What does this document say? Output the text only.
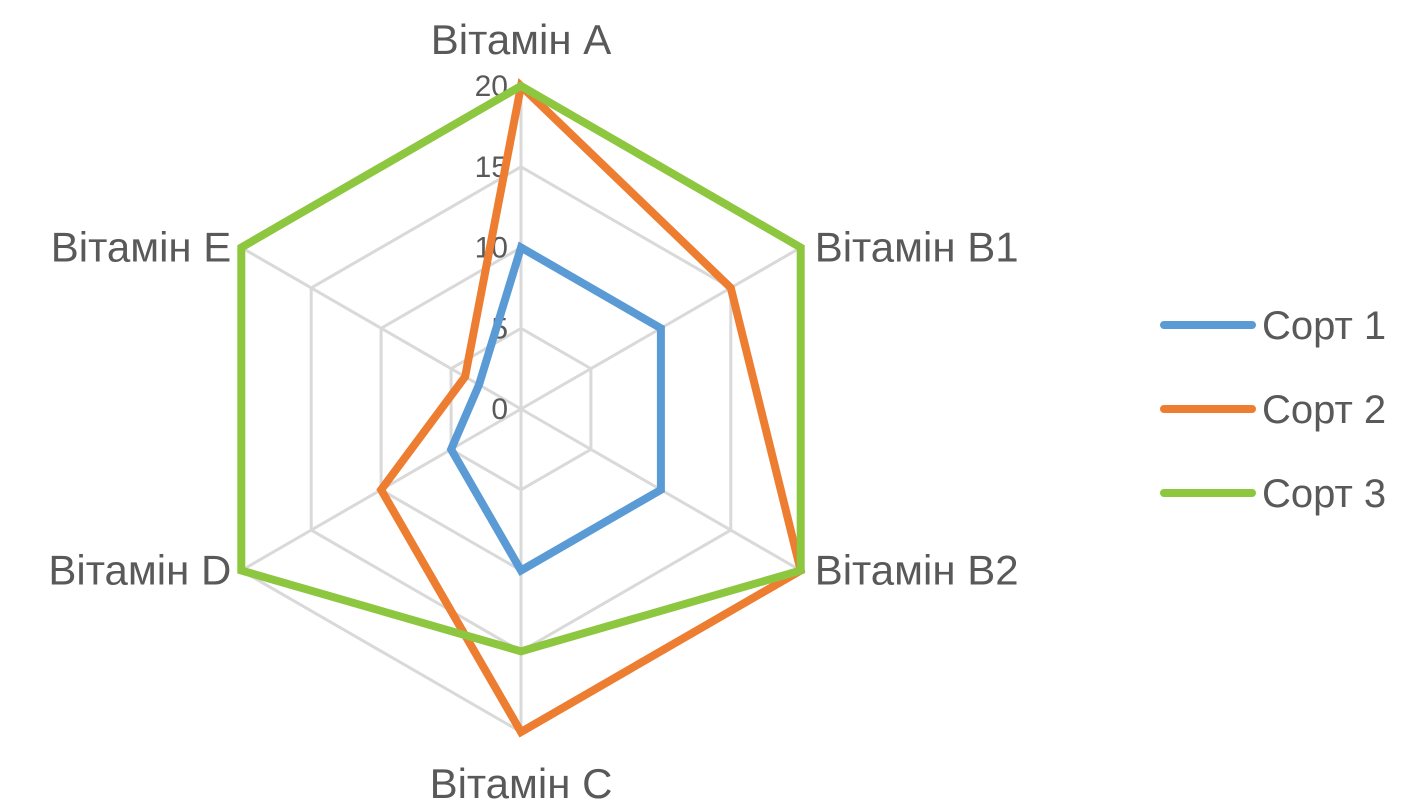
0
5
10
15
20
Вітамін A
Вітамін B1
Вітамін B2
Вітамін C
Вітамін D
Вітамін E
Сорт 1
Сорт 2
Сорт 3
